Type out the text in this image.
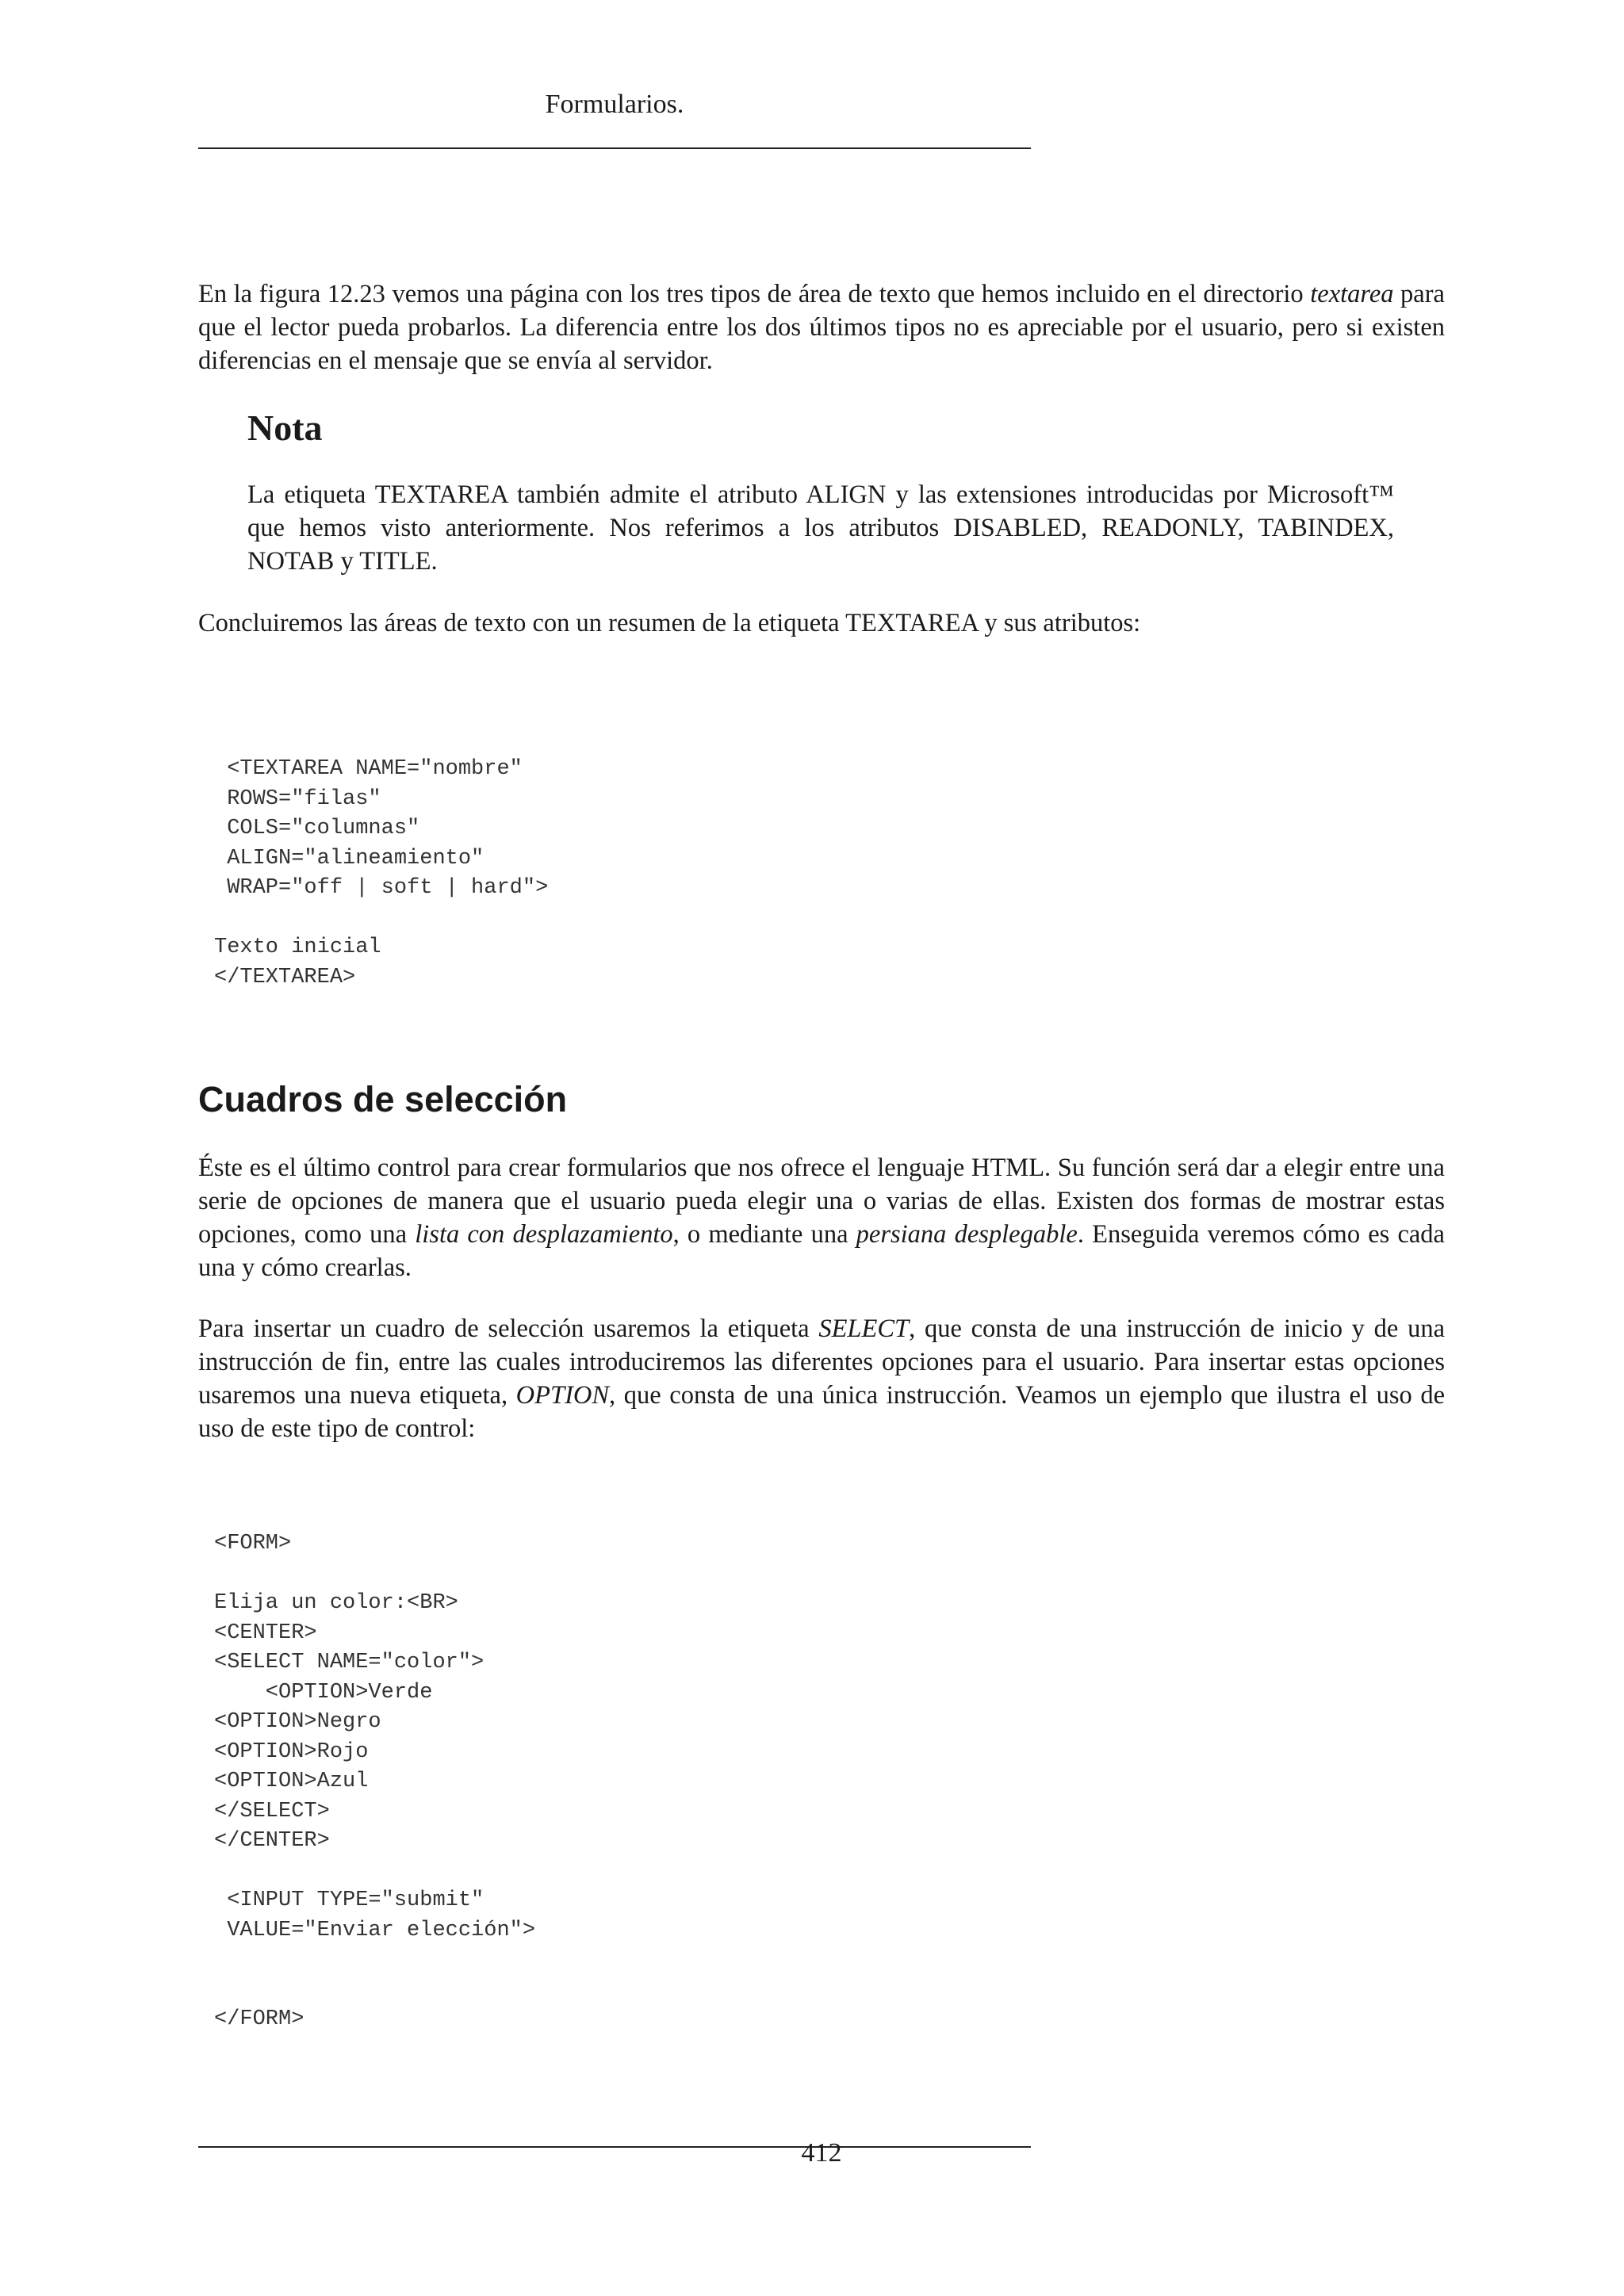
Formularios.

En la figura 12.23 vemos una página con los tres tipos de área de texto que hemos incluido en el directorio textarea para que el lector pueda probarlos. La diferencia entre los dos últimos tipos no es apreciable por el usuario, pero si existen diferencias en el mensaje que se envía al servidor.

Nota

La etiqueta TEXTAREA también admite el atributo ALIGN y las extensiones introducidas por Microsoft™ que hemos visto anteriormente. Nos referimos a los atributos DISABLED, READONLY, TABINDEX, NOTAB y TITLE.

Concluiremos las áreas de texto con un resumen de la etiqueta TEXTAREA y sus atributos:

<TEXTAREA NAME="nombre"
ROWS="filas"
COLS="columnas"
ALIGN="alineamiento"
WRAP="off | soft | hard">

Texto inicial
</TEXTAREA>
Cuadros de selección

Éste es el último control para crear formularios que nos ofrece el lenguaje HTML. Su función será dar a elegir entre una serie de opciones de manera que el usuario pueda elegir una o varias de ellas. Existen dos formas de mostrar estas opciones, como una lista con desplazamiento, o mediante una persiana desplegable. Enseguida veremos cómo es cada una y cómo crearlas.

Para insertar un cuadro de selección usaremos la etiqueta SELECT, que consta de una instrucción de inicio y de una instrucción de fin, entre las cuales introduciremos las diferentes opciones para el usuario. Para insertar estas opciones usaremos una nueva etiqueta, OPTION, que consta de una única instrucción. Veamos un ejemplo que ilustra el uso de uso de este tipo de control:

<FORM>

Elija un color:<BR>
<CENTER>
<SELECT NAME="color">
<OPTION>Verde
<OPTION>Negro
<OPTION>Rojo
<OPTION>Azul
</SELECT>
</CENTER>

<INPUT TYPE="submit"
VALUE="Enviar elección">

</FORM>
412
